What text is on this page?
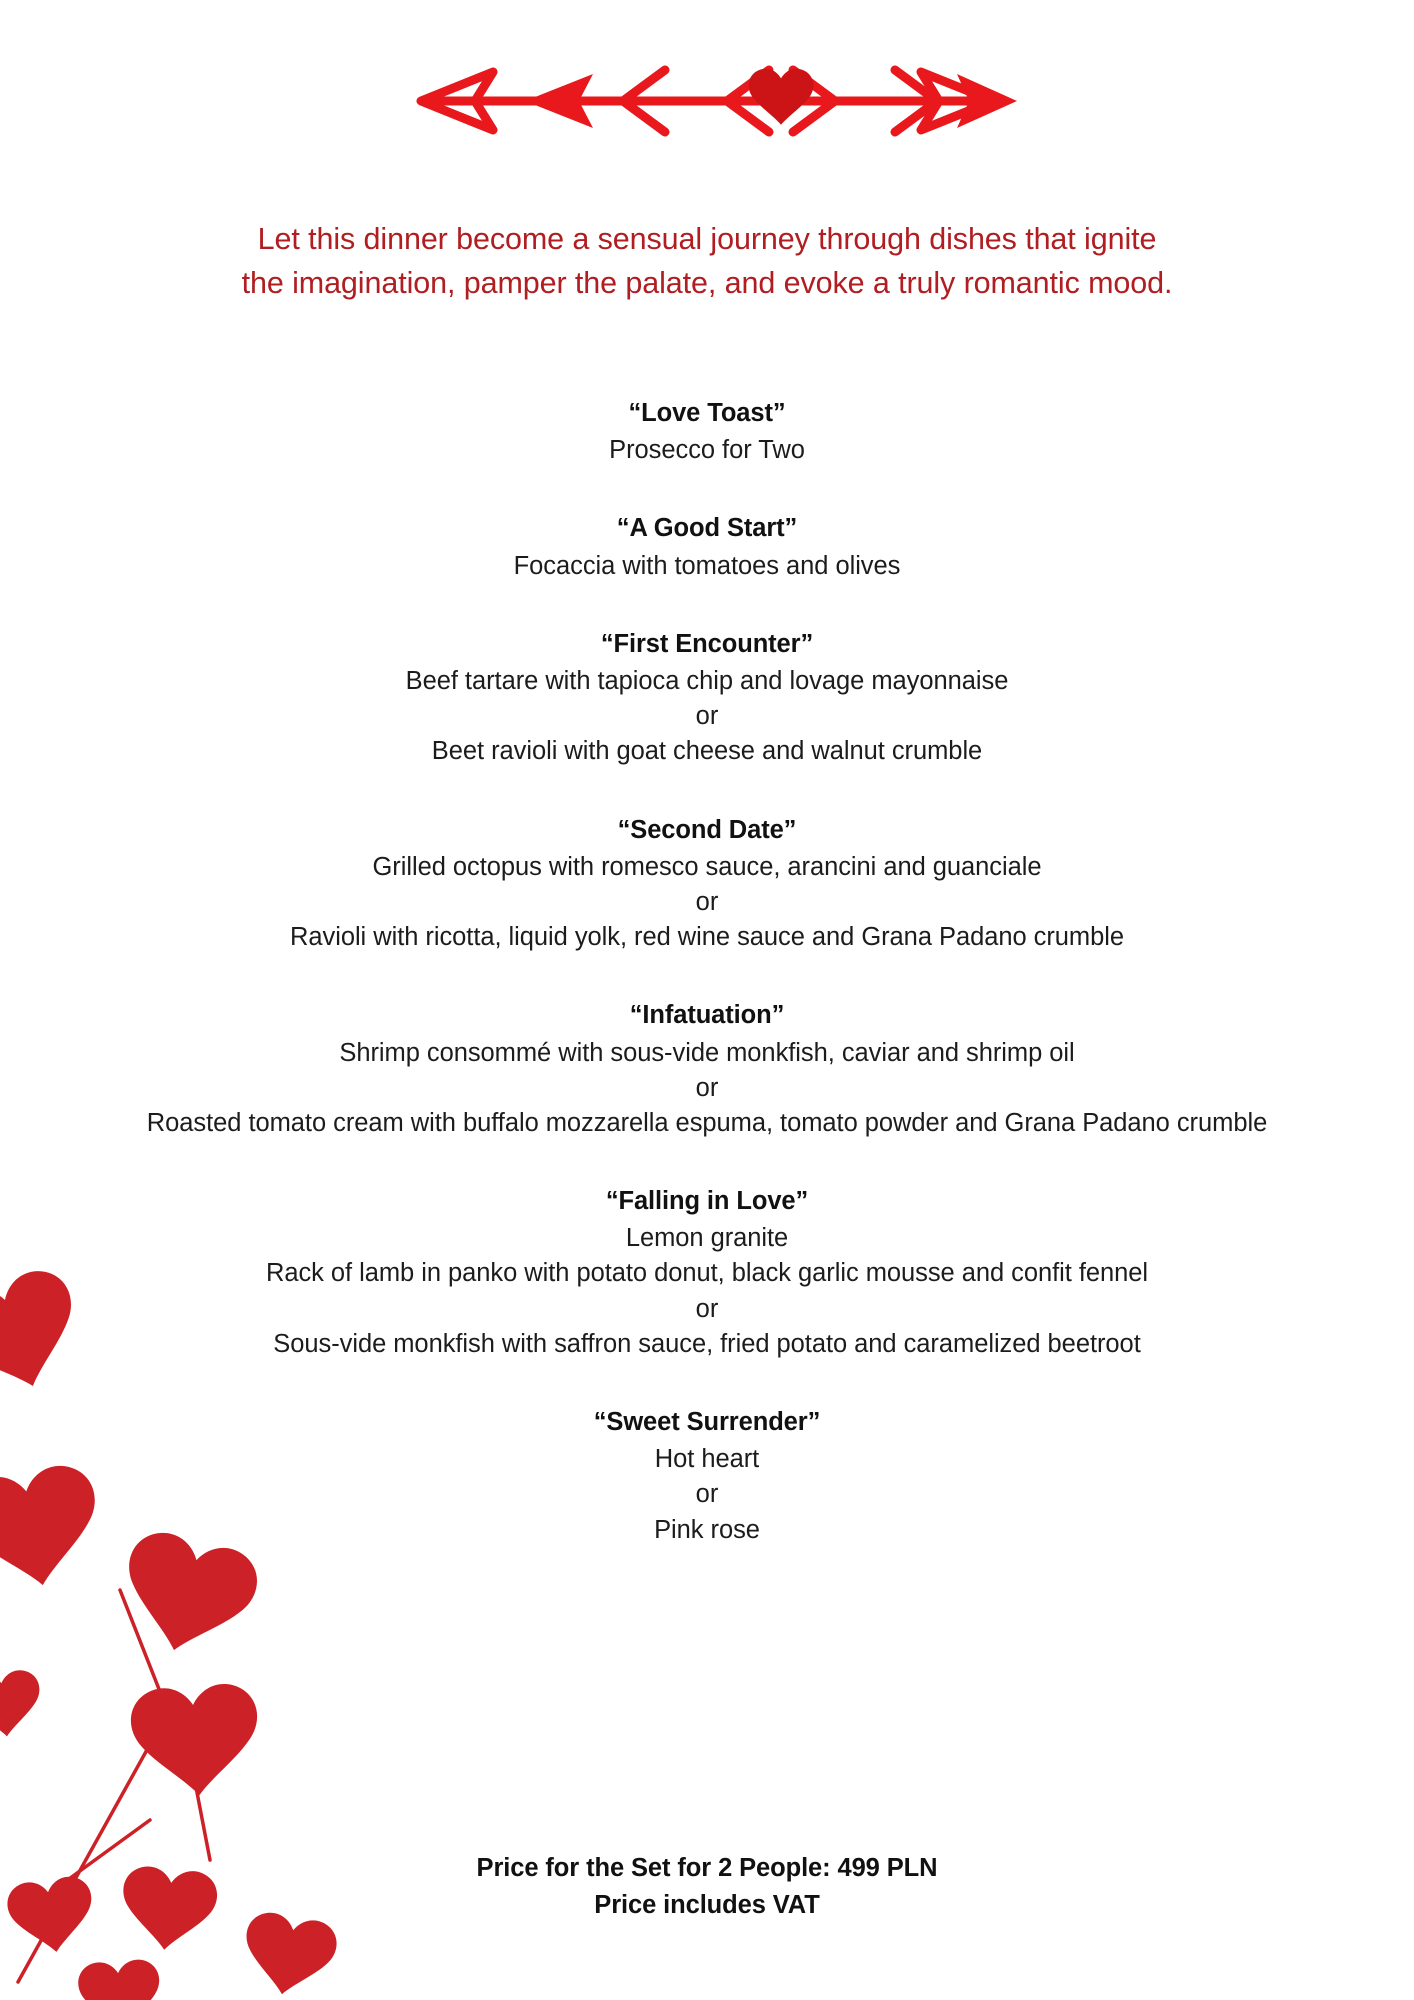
Let this dinner become a sensual journey through dishes that ignite
the imagination, pamper the palate, and evoke a truly romantic mood.
“Love Toast”
Prosecco for Two
“A Good Start”
Focaccia with tomatoes and olives
“First Encounter”
Beef tartare with tapioca chip and lovage mayonnaise
or
Beet ravioli with goat cheese and walnut crumble
“Second Date”
Grilled octopus with romesco sauce, arancini and guanciale
or
Ravioli with ricotta, liquid yolk, red wine sauce and Grana Padano crumble
“Infatuation”
Shrimp consommé with sous-vide monkfish, caviar and shrimp oil
or
Roasted tomato cream with buffalo mozzarella espuma, tomato powder and Grana Padano crumble
“Falling in Love”
Lemon granite
Rack of lamb in panko with potato donut, black garlic mousse and confit fennel
or
Sous-vide monkfish with saffron sauce, fried potato and caramelized beetroot
“Sweet Surrender”
Hot heart
or
Pink rose
Price for the Set for 2 People: 499 PLN
Price includes VAT
